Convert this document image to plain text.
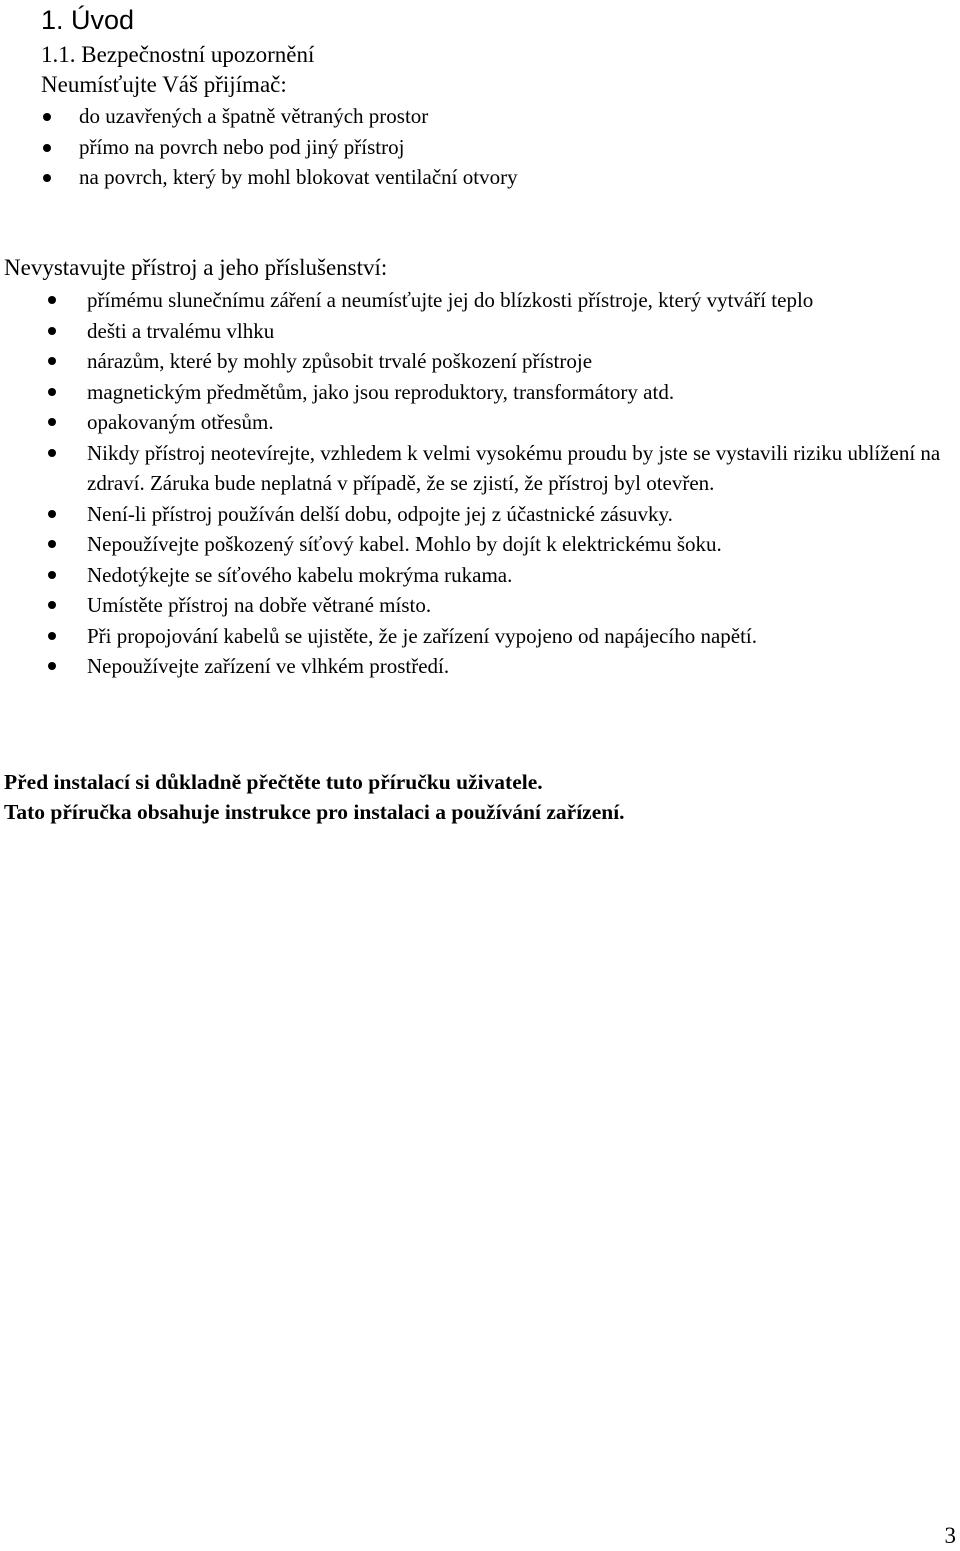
1. Úvod
1.1. Bezpečnostní upozornění

Neumísťujte Váš přijímač:

do uzavřených a špatně větraných prostor
přímo na povrch nebo pod jiný přístroj
na povrch, který by mohl blokovat ventilační otvory

Nevystavujte přístroj a jeho příslušenství:

přímému slunečnímu záření a neumísťujte jej do blízkosti přístroje, který vytváří teplo
dešti a trvalému vlhku
nárazům, které by mohly způsobit trvalé poškození přístroje
magnetickým předmětům, jako jsou reproduktory, transformátory atd.
opakovaným otřesům.
Nikdy přístroj neotevírejte, vzhledem k velmi vysokému proudu by jste se vystavili riziku ublížení na zdraví. Záruka bude neplatná v případě, že se zjistí, že přístroj byl otevřen.
Není-li přístroj používán delší dobu, odpojte jej z účastnické zásuvky.
Nepoužívejte poškozený síťový kabel. Mohlo by dojít k elektrickému šoku.
Nedotýkejte se síťového kabelu mokrýma rukama.
Umístěte přístroj na dobře větrané místo.
Při propojování kabelů se ujistěte, že je zařízení vypojeno od napájecího napětí.
Nepoužívejte zařízení ve vlhkém prostředí.

Před instalací si důkladně přečtěte tuto příručku uživatele.

Tato příručka obsahuje instrukce pro instalaci a používání zařízení.

3
